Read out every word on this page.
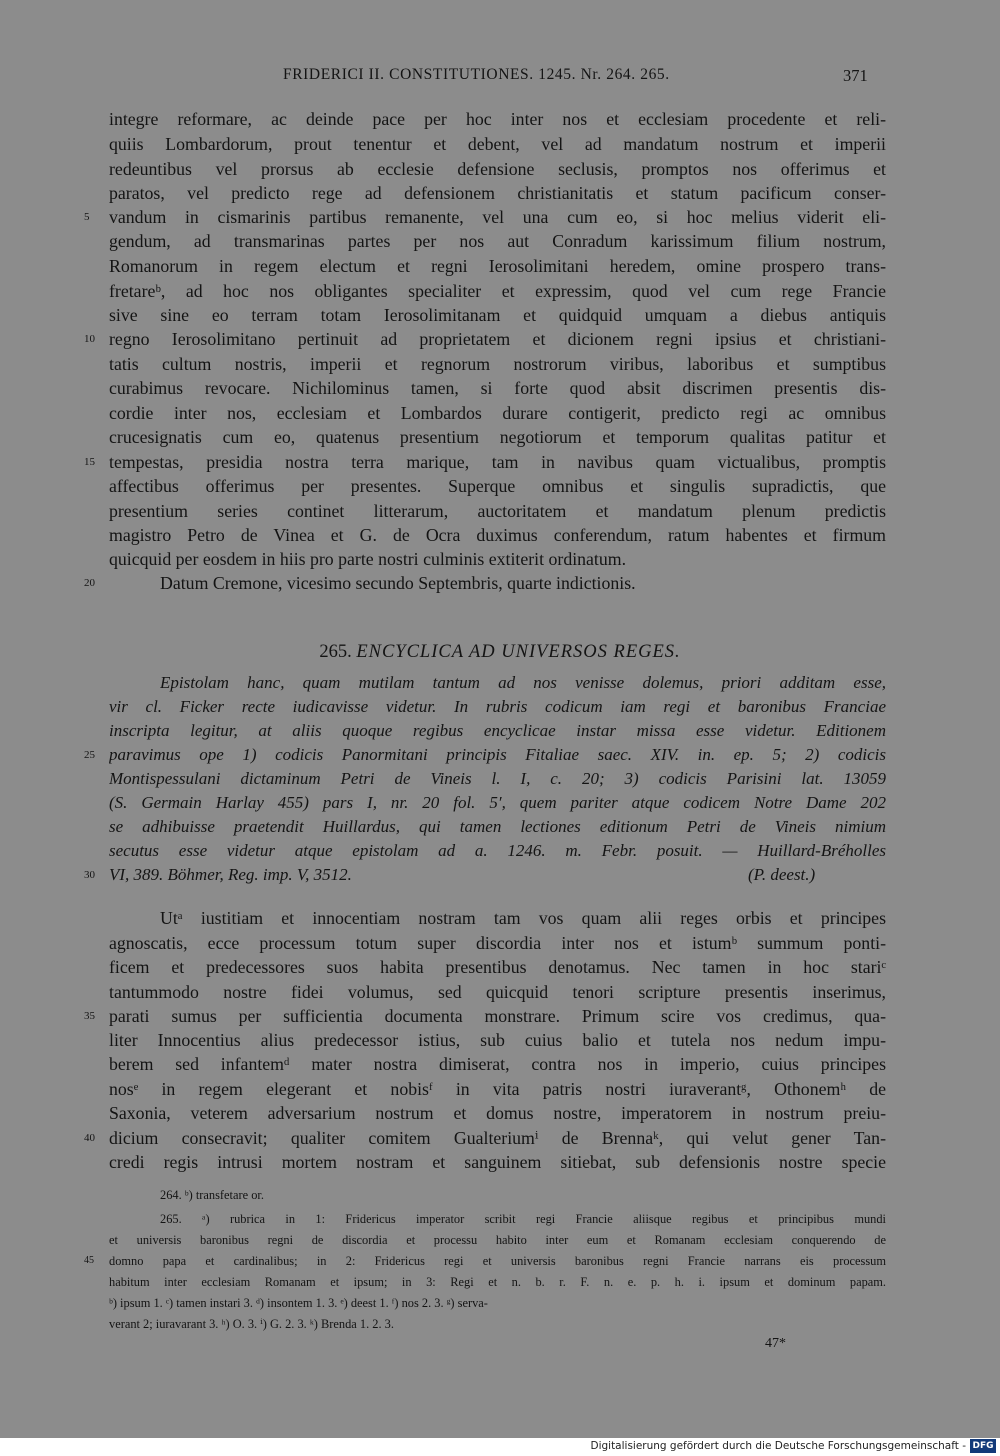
FRIDERICI II. CONSTITUTIONES. 1245. Nr. 264. 265.	371
integre reformare, ac deinde pace per hoc inter nos et ecclesiam procedente et reli-
quiis Lombardorum, prout tenentur et debent, vel ad mandatum nostrum et imperii
redeuntibus vel prorsus ab ecclesie defensione seclusis, promptos nos offerimus et
paratos, vel predicto rege ad defensionem christianitatis et statum pacificum conser-
vandum in cismarinis partibus remanente, vel una cum eo, si hoc melius viderit eli-
gendum, ad transmarinas partes per nos aut Conradum karissimum filium nostrum,
Romanorum in regem electum et regni Ierosolimitani heredem, omine prospero trans-
fretareᵇ, ad hoc nos obligantes specialiter et expressim, quod vel cum rege Francie
sive sine eo terram totam Ierosolimitanam et quidquid umquam a diebus antiquis
regno Ierosolimitano pertinuit ad proprietatem et dicionem regni ipsius et christiani-
tatis cultum nostris, imperii et regnorum nostrorum viribus, laboribus et sumptibus
curabimus revocare. Nichilominus tamen, si forte quod absit discrimen presentis dis-
cordie inter nos, ecclesiam et Lombardos durare contigerit, predicto regi ac omnibus
crucesignatis cum eo, quatenus presentium negotiorum et temporum qualitas patitur et
tempestas, presidia nostra terra marique, tam in navibus quam victualibus, promptis
affectibus offerimus per presentes. Superque omnibus et singulis supradictis, que
presentium series continet litterarum, auctoritatem et mandatum plenum predictis
magistro Petro de Vinea et G. de Ocra duximus conferendum, ratum habentes et firmum
quicquid per eosdem in hiis pro parte nostri culminis extiterit ordinatum.
Datum Cremone, vicesimo secundo Septembris, quarte indictionis.
265. ENCYCLICA AD UNIVERSOS REGES.
Epistolam hanc, quam mutilam tantum ad nos venisse dolemus, priori additam esse,
vir cl. Ficker recte iudicavisse videtur. In rubris codicum iam regi et baronibus Franciae
inscripta legitur, at aliis quoque regibus encyclicae instar missa esse videtur. Editionem
paravimus ope 1) codicis Panormitani principis Fitaliae saec. XIV. in. ep. 5; 2) codicis
Montispessulani dictaminum Petri de Vineis l. I, c. 20; 3) codicis Parisini lat. 13059
(S. Germain Harlay 455) pars I, nr. 20 fol. 5′, quem pariter atque codicem Notre Dame 202
se adhibuisse praetendit Huillardus, qui tamen lectiones editionum Petri de Vineis nimium
secutus esse videtur atque epistolam ad a. 1246. m. Febr. posuit. — Huillard-Bréholles
VI, 389. Böhmer, Reg. imp. V, 3512.	(P. deest.)
Utᵃ iustitiam et innocentiam nostram tam vos quam alii reges orbis et principes
agnoscatis, ecce processum totum super discordia inter nos et istumᵇ summum ponti-
ficem et predecessores suos habita presentibus denotamus. Nec tamen in hoc stariᶜ
tantummodo nostre fidei volumus, sed quicquid tenori scripture presentis inserimus,
parati sumus per sufficientia documenta monstrare. Primum scire vos credimus, qua-
liter Innocentius alius predecessor istius, sub cuius balio et tutela nos nedum impu-
berem sed infantemᵈ mater nostra dimiserat, contra nos in imperio, cuius principes
nosᵉ in regem elegerant et nobisᶠ in vita patris nostri iuraverantᵍ, Othonemʰ de
Saxonia, veterem adversarium nostrum et domus nostre, imperatorem in nostrum preiu-
dicium consecravit; qualiter comitem Gualteriumⁱ de Brennaᵏ, qui velut gener Tan-
credi regis intrusi mortem nostram et sanguinem sitiebat, sub defensionis nostre specie
5
10
15
20
25
30
35
40
45
264. ᵇ) transfetare or.
265. ᵃ) rubrica in 1: Fridericus imperator scribit regi Francie aliisque regibus et principibus mundi
et universis baronibus regni de discordia et processu habito inter eum et Romanam ecclesiam conquerendo de
domno papa et cardinalibus; in 2: Fridericus regi et universis baronibus regni Francie narrans eis processum
habitum inter ecclesiam Romanam et ipsum; in 3: Regi et n. b. r. F. n. e. p. h. i. ipsum et dominum papam.
ᵇ) ipsum 1. ᶜ) tamen instari 3. ᵈ) insontem 1. 3. ᵉ) deest 1. ᶠ) nos 2. 3. ᵍ) serva-
verant 2; iuravarant 3. ʰ) O. 3. ⁱ) G. 2. 3. ᵏ) Brenda 1. 2. 3.
47*
Digitalisierung gefördert durch die Deutsche Forschungsgemeinschaft - DFG
